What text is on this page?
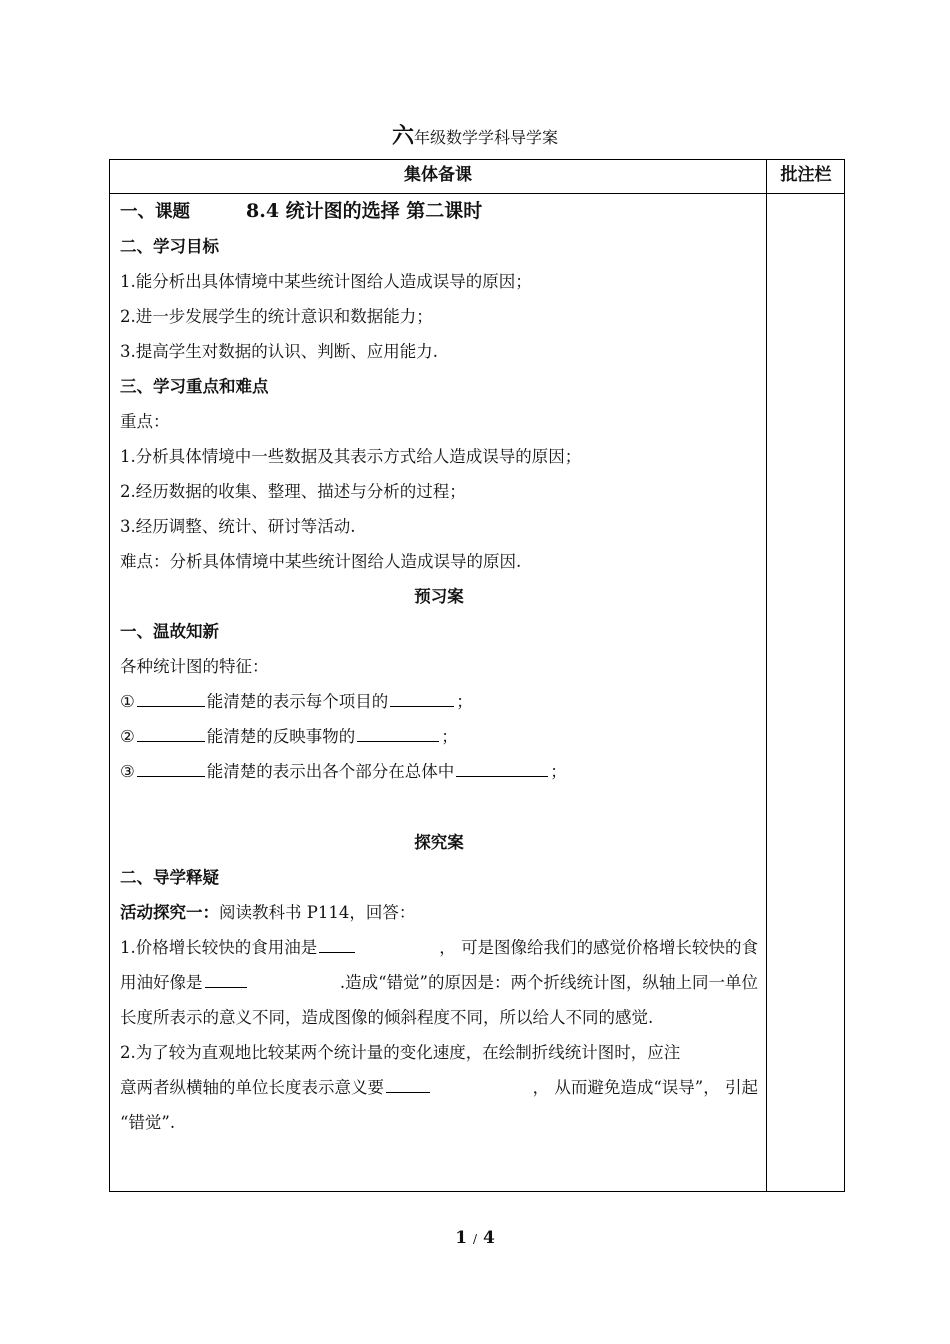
六年级数学学科导学案
集体备课	批注栏
一、课题	8.4 统计图的选择 第二课时
二、学习目标
1.能分析出具体情境中某些统计图给人造成误导的原因；
2.进一步发展学生的统计意识和数据能力；
3.提高学生对数据的认识、判断、应用能力.
三、学习重点和难点
重点：
1.分析具体情境中一些数据及其表示方式给人造成误导的原因；
2.经历数据的收集、整理、描述与分析的过程；
3.经历调整、统计、研讨等活动.
难点：分析具体情境中某些统计图给人造成误导的原因.
预习案
一、温故知新
各种统计图的特征：
①	能清楚的表示每个项目的	；
②	能清楚的反映事物的	；
③	能清楚的表示出各个部分在总体中	；
探究案
二、导学释疑
活动探究一：阅读教科书 P114，回答：
1.价格增长较快的食用油是	， 可是图像给我们的感觉价格增长较快的食
用油好像是	.造成“错觉”的原因是：两个折线统计图，纵轴上同一单位
长度所表示的意义不同，造成图像的倾斜程度不同，所以给人不同的感觉.
2.为了较为直观地比较某两个统计量的变化速度，在绘制折线统计图时，应注
意两者纵横轴的单位长度表示意义要	， 从而避免造成“误导”， 引起
“错觉”.
1 / 4
